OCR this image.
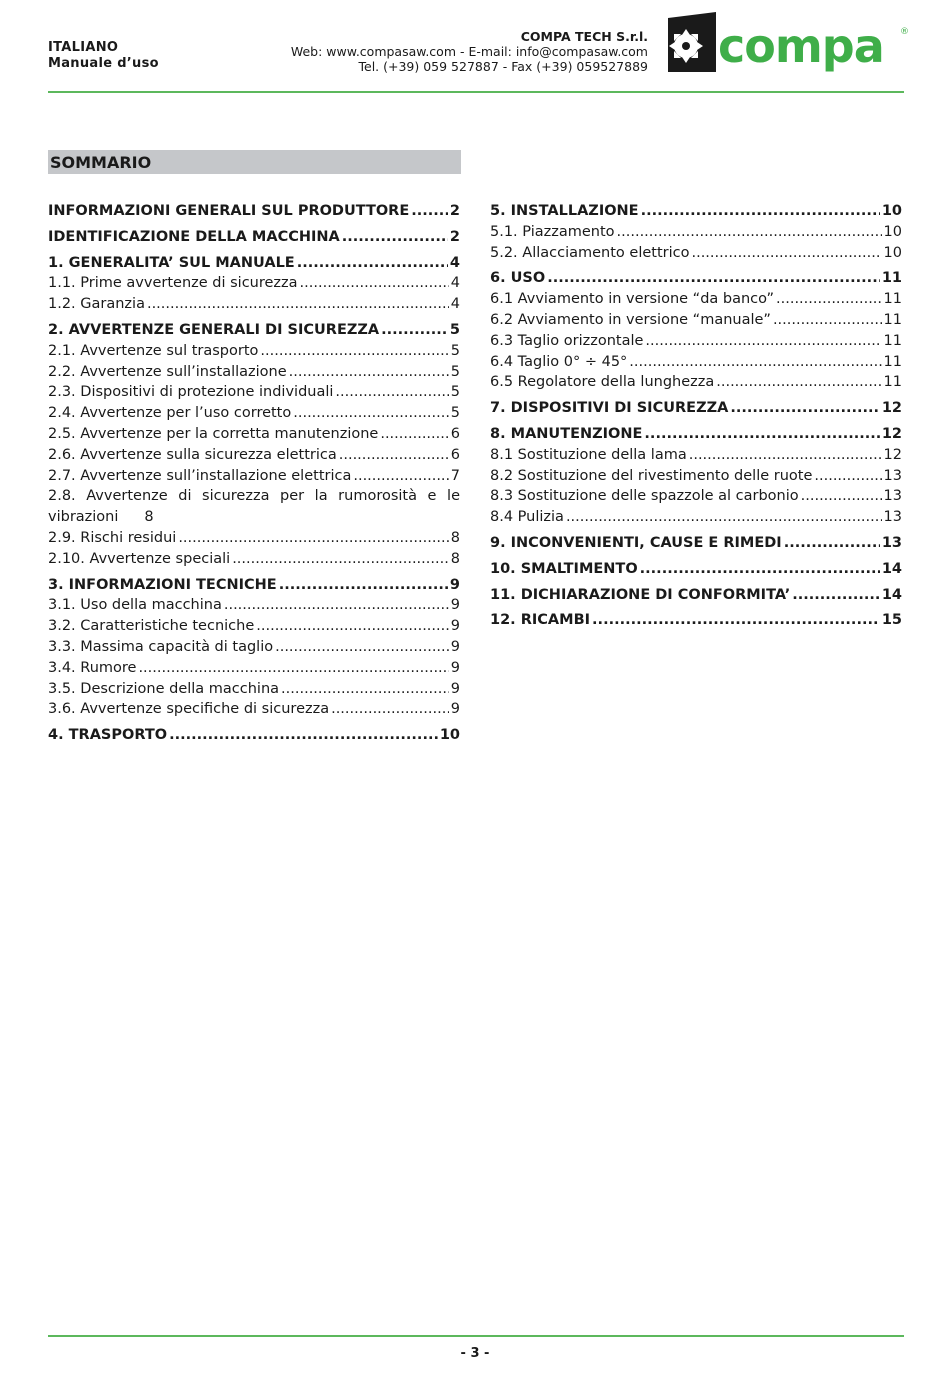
ITALIANO
Manuale d’uso
COMPA TECH S.r.l.
Web: www.compasaw.com - E-mail: info@compasaw.com
Tel. (+39) 059 527887 - Fax (+39) 059527889 compa ®
SOMMARIO
INFORMAZIONI GENERALI SUL PRODUTTORE .....	2
IDENTIFICAZIONE DELLA MACCHINA .....	2
1. GENERALITA’ SUL MANUALE .....	4
1.1. Prime avvertenze di sicurezza .....	4
1.2. Garanzia .....	4
2. AVVERTENZE GENERALI DI SICUREZZA .....	5
2.1. Avvertenze sul trasporto .....	5
2.2. Avvertenze sull’installazione .....	5
2.3. Dispositivi di protezione individuali .....	5
2.4. Avvertenze per l’uso corretto .....	5
2.5. Avvertenze per la corretta manutenzione .....	6
2.6. Avvertenze sulla sicurezza elettrica .....	6
2.7. Avvertenze sull’installazione elettrica .....	7
2.8. Avvertenze di sicurezza per la rumorosità e le vibrazioni 8
2.9. Rischi residui .....	8
2.10. Avvertenze speciali .....	8
3. INFORMAZIONI TECNICHE .....	9
3.1. Uso della macchina .....	9
3.2. Caratteristiche tecniche .....	9
3.3. Massima capacità di taglio .....	9
3.4. Rumore .....	9
3.5. Descrizione della macchina .....	9
3.6. Avvertenze specifiche di sicurezza .....	9
4. TRASPORTO .....	10
5. INSTALLAZIONE .....	10
5.1. Piazzamento .....	10
5.2. Allacciamento elettrico .....	10
6. USO .....	11
6.1 Avviamento in versione “da banco” .....	11
6.2 Avviamento in versione “manuale” .....	11
6.3 Taglio orizzontale .....	11
6.4 Taglio 0° ÷ 45° .....	11
6.5 Regolatore della lunghezza .....	11
7. DISPOSITIVI DI SICUREZZA .....	12
8. MANUTENZIONE .....	12
8.1 Sostituzione della lama .....	12
8.2 Sostituzione del rivestimento delle ruote .....	13
8.3 Sostituzione delle spazzole al carbonio .....	13
8.4 Pulizia .....	13
9. INCONVENIENTI, CAUSE E RIMEDI .....	13
10. SMALTIMENTO .....	14
11. DICHIARAZIONE DI CONFORMITA’ .....	14
12. RICAMBI .....	15
- 3 -
